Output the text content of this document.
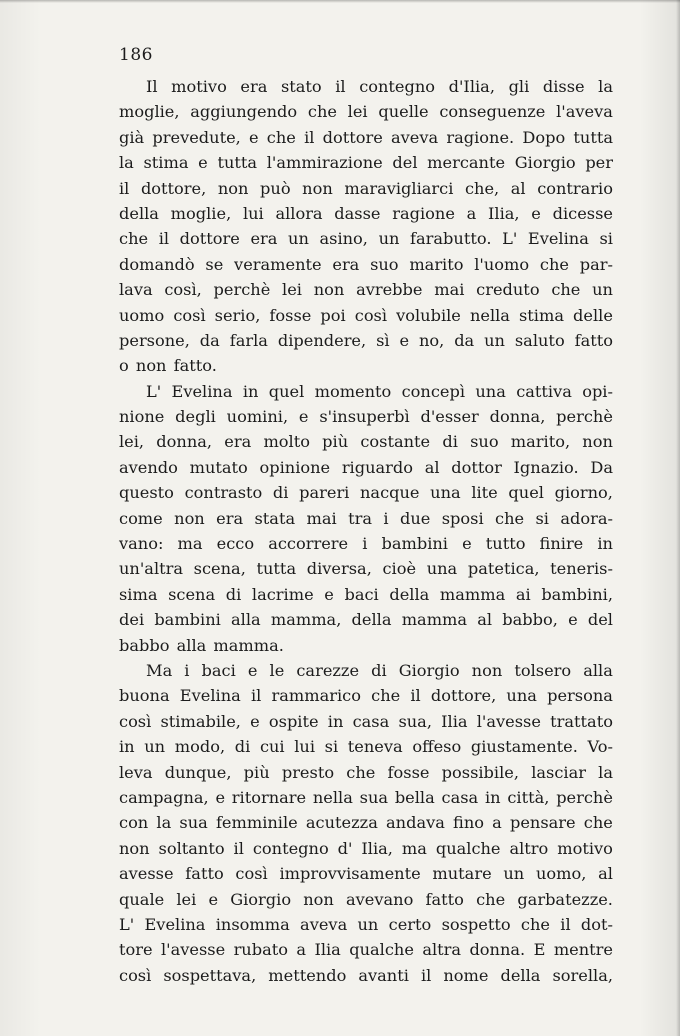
186
Il motivo era stato il contegno d'Ilia, gli disse la
moglie, aggiungendo che lei quelle conseguenze l'aveva
già prevedute, e che il dottore aveva ragione. Dopo tutta
la stima e tutta l'ammirazione del mercante Giorgio per
il dottore, non può non maravigliarci che, al contrario
della moglie, lui allora dasse ragione a Ilia, e dicesse
che il dottore era un asino, un farabutto. L' Evelina si
domandò se veramente era suo marito l'uomo che par-
lava così, perchè lei non avrebbe mai creduto che un
uomo così serio, fosse poi così volubile nella stima delle
persone, da farla dipendere, sì e no, da un saluto fatto
o non fatto.
L' Evelina in quel momento concepì una cattiva opi-
nione degli uomini, e s'insuperbì d'esser donna, perchè
lei, donna, era molto più costante di suo marito, non
avendo mutato opinione riguardo al dottor Ignazio. Da
questo contrasto di pareri nacque una lite quel giorno,
come non era stata mai tra i due sposi che si adora-
vano: ma ecco accorrere i bambini e tutto finire in
un'altra scena, tutta diversa, cioè una patetica, teneris-
sima scena di lacrime e baci della mamma ai bambini,
dei bambini alla mamma, della mamma al babbo, e del
babbo alla mamma.
Ma i baci e le carezze di Giorgio non tolsero alla
buona Evelina il rammarico che il dottore, una persona
così stimabile, e ospite in casa sua, Ilia l'avesse trattato
in un modo, di cui lui si teneva offeso giustamente. Vo-
leva dunque, più presto che fosse possibile, lasciar la
campagna, e ritornare nella sua bella casa in città, perchè
con la sua femminile acutezza andava fino a pensare che
non soltanto il contegno d' Ilia, ma qualche altro motivo
avesse fatto così improvvisamente mutare un uomo, al
quale lei e Giorgio non avevano fatto che garbatezze.
L' Evelina insomma aveva un certo sospetto che il dot-
tore l'avesse rubato a Ilia qualche altra donna. E mentre
così sospettava, mettendo avanti il nome della sorella,
